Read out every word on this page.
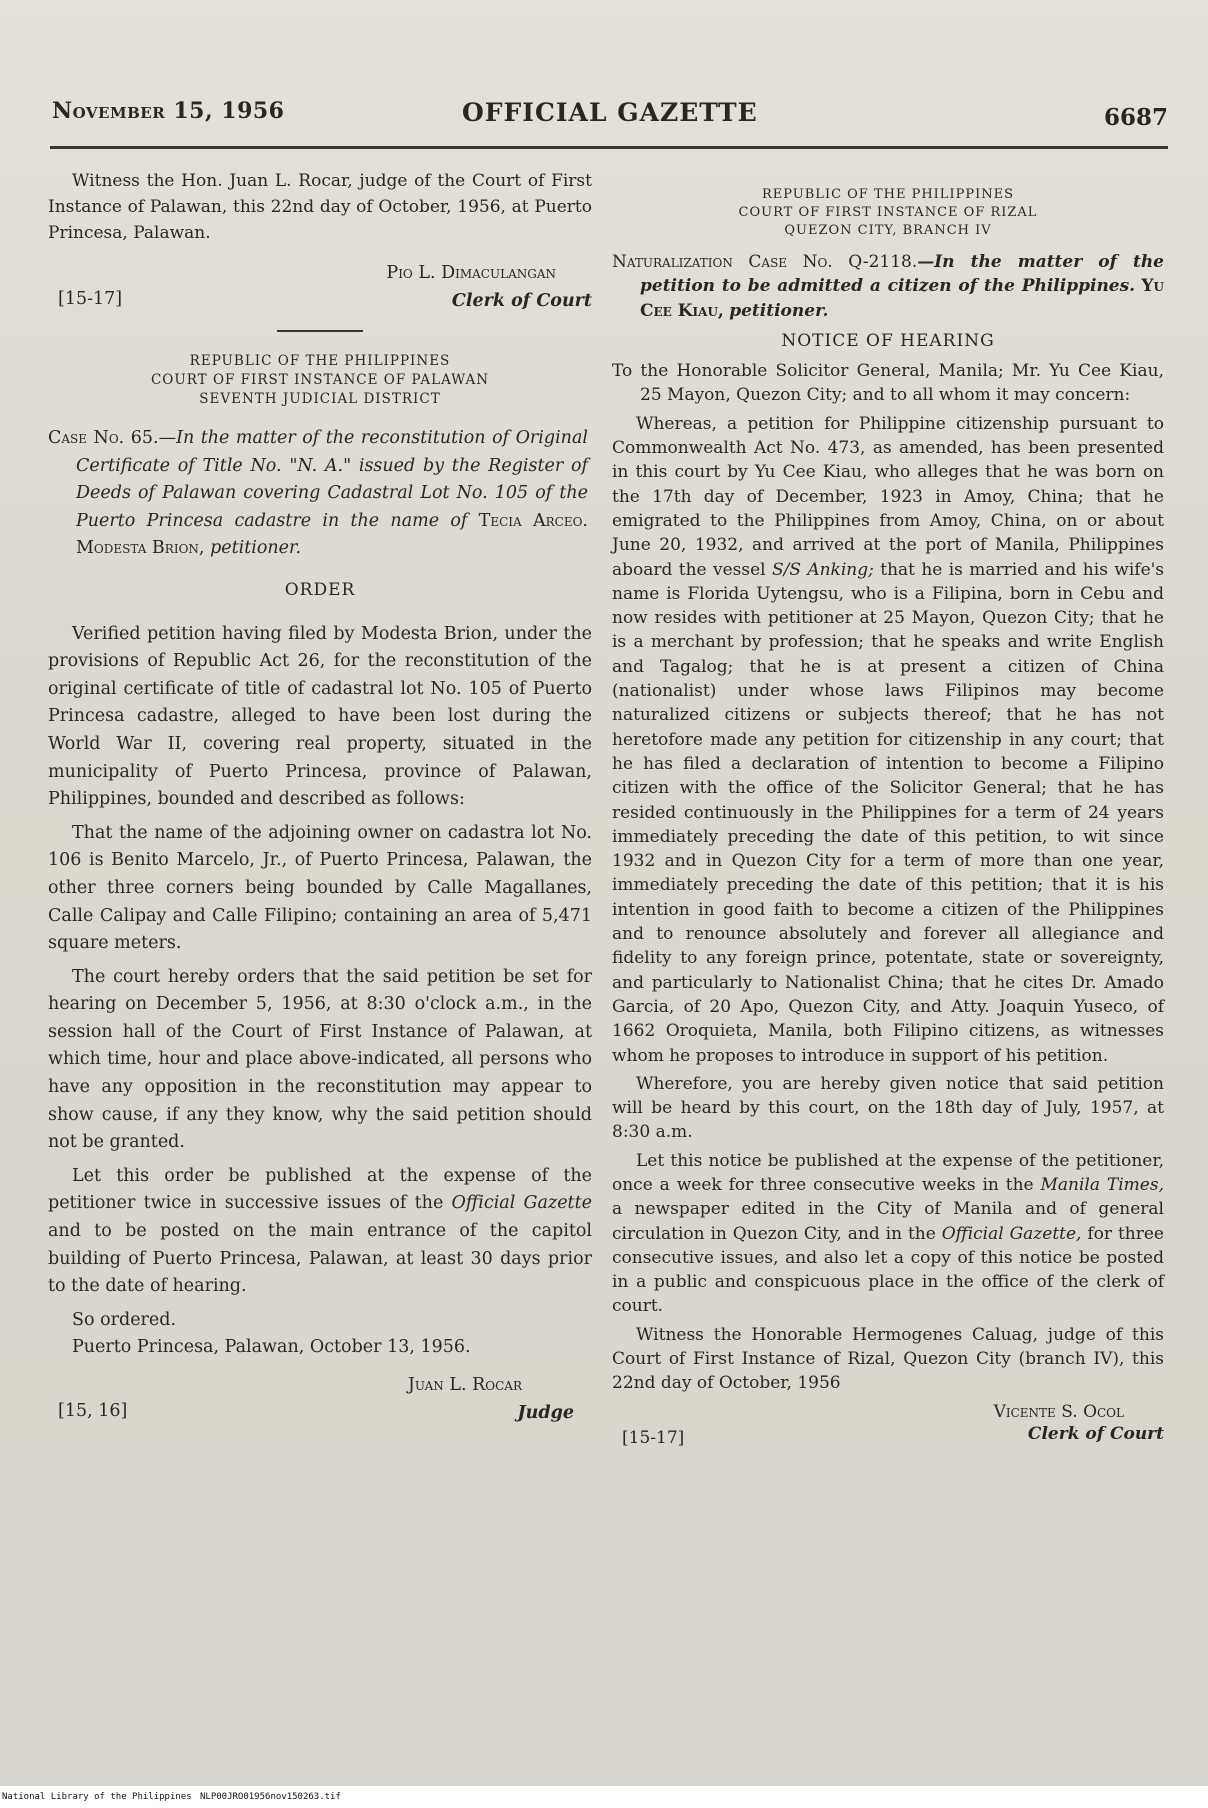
November 15, 1956	OFFICIAL GAZETTE	6687

Witness the Hon. Juan L. Rocar, judge of the Court of First Instance of Palawan, this 22nd day of October, 1956, at Puerto Princesa, Palawan.

Pio L. Dimaculangan
[15-17]	Clerk of Court
REPUBLIC OF THE PHILIPPINES
COURT OF FIRST INSTANCE OF PALAWAN
SEVENTH JUDICIAL DISTRICT

Case No. 65.—In the matter of the reconstitution of Original Certificate of Title No. "N. A." issued by the Register of Deeds of Palawan covering Cadastral Lot No. 105 of the Puerto Princesa cadastre in the name of Tecia Arceo. Modesta Brion, petitioner.

ORDER

Verified petition having filed by Modesta Brion, under the provisions of Republic Act 26, for the reconstitution of the original certificate of title of cadastral lot No. 105 of Puerto Princesa cadastre, alleged to have been lost during the World War II, covering real property, situated in the municipality of Puerto Princesa, province of Palawan, Philippines, bounded and described as follows:

That the name of the adjoining owner on cadastra lot No. 106 is Benito Marcelo, Jr., of Puerto Princesa, Palawan, the other three corners being bounded by Calle Magallanes, Calle Calipay and Calle Filipino; containing an area of 5,471 square meters.

The court hereby orders that the said petition be set for hearing on December 5, 1956, at 8:30 o'clock a.m., in the session hall of the Court of First Instance of Palawan, at which time, hour and place above-indicated, all persons who have any opposition in the reconstitution may appear to show cause, if any they know, why the said petition should not be granted.

Let this order be published at the expense of the petitioner twice in successive issues of the Official Gazette and to be posted on the main entrance of the capitol building of Puerto Princesa, Palawan, at least 30 days prior to the date of hearing.

So ordered.

Puerto Princesa, Palawan, October 13, 1956.

Juan L. Rocar
[15, 16]	Judge
REPUBLIC OF THE PHILIPPINES
COURT OF FIRST INSTANCE OF RIZAL
QUEZON CITY, BRANCH IV

Naturalization Case No. Q-2118.—In the matter of the petition to be admitted a citizen of the Philippines. Yu Cee Kiau, petitioner.

NOTICE OF HEARING

To the Honorable Solicitor General, Manila; Mr. Yu Cee Kiau, 25 Mayon, Quezon City; and to all whom it may concern:

Whereas, a petition for Philippine citizenship pursuant to Commonwealth Act No. 473, as amended, has been presented in this court by Yu Cee Kiau, who alleges that he was born on the 17th day of December, 1923 in Amoy, China; that he emigrated to the Philippines from Amoy, China, on or about June 20, 1932, and arrived at the port of Manila, Philippines aboard the vessel S/S Anking; that he is married and his wife's name is Florida Uytengsu, who is a Filipina, born in Cebu and now resides with petitioner at 25 Mayon, Quezon City; that he is a merchant by profession; that he speaks and write English and Tagalog; that he is at present a citizen of China (nationalist) under whose laws Filipinos may become naturalized citizens or subjects thereof; that he has not heretofore made any petition for citizenship in any court; that he has filed a declaration of intention to become a Filipino citizen with the office of the Solicitor General; that he has resided continuously in the Philippines for a term of 24 years immediately preceding the date of this petition, to wit since 1932 and in Quezon City for a term of more than one year, immediately preceding the date of this petition; that it is his intention in good faith to become a citizen of the Philippines and to renounce absolutely and forever all allegiance and fidelity to any foreign prince, potentate, state or sovereignty, and particularly to Nationalist China; that he cites Dr. Amado Garcia, of 20 Apo, Quezon City, and Atty. Joaquin Yuseco, of 1662 Oroquieta, Manila, both Filipino citizens, as witnesses whom he proposes to introduce in support of his petition.

Wherefore, you are hereby given notice that said petition will be heard by this court, on the 18th day of July, 1957, at 8:30 a.m.

Let this notice be published at the expense of the petitioner, once a week for three consecutive weeks in the Manila Times, a newspaper edited in the City of Manila and of general circulation in Quezon City, and in the Official Gazette, for three consecutive issues, and also let a copy of this notice be posted in a public and conspicuous place in the office of the clerk of court.

Witness the Honorable Hermogenes Caluag, judge of this Court of First Instance of Rizal, Quezon City (branch IV), this 22nd day of October, 1956

Vicente S. Ocol
[15-17]	Clerk of Court
National Library of the Philippines NLP00JRO01956nov150263.tif
